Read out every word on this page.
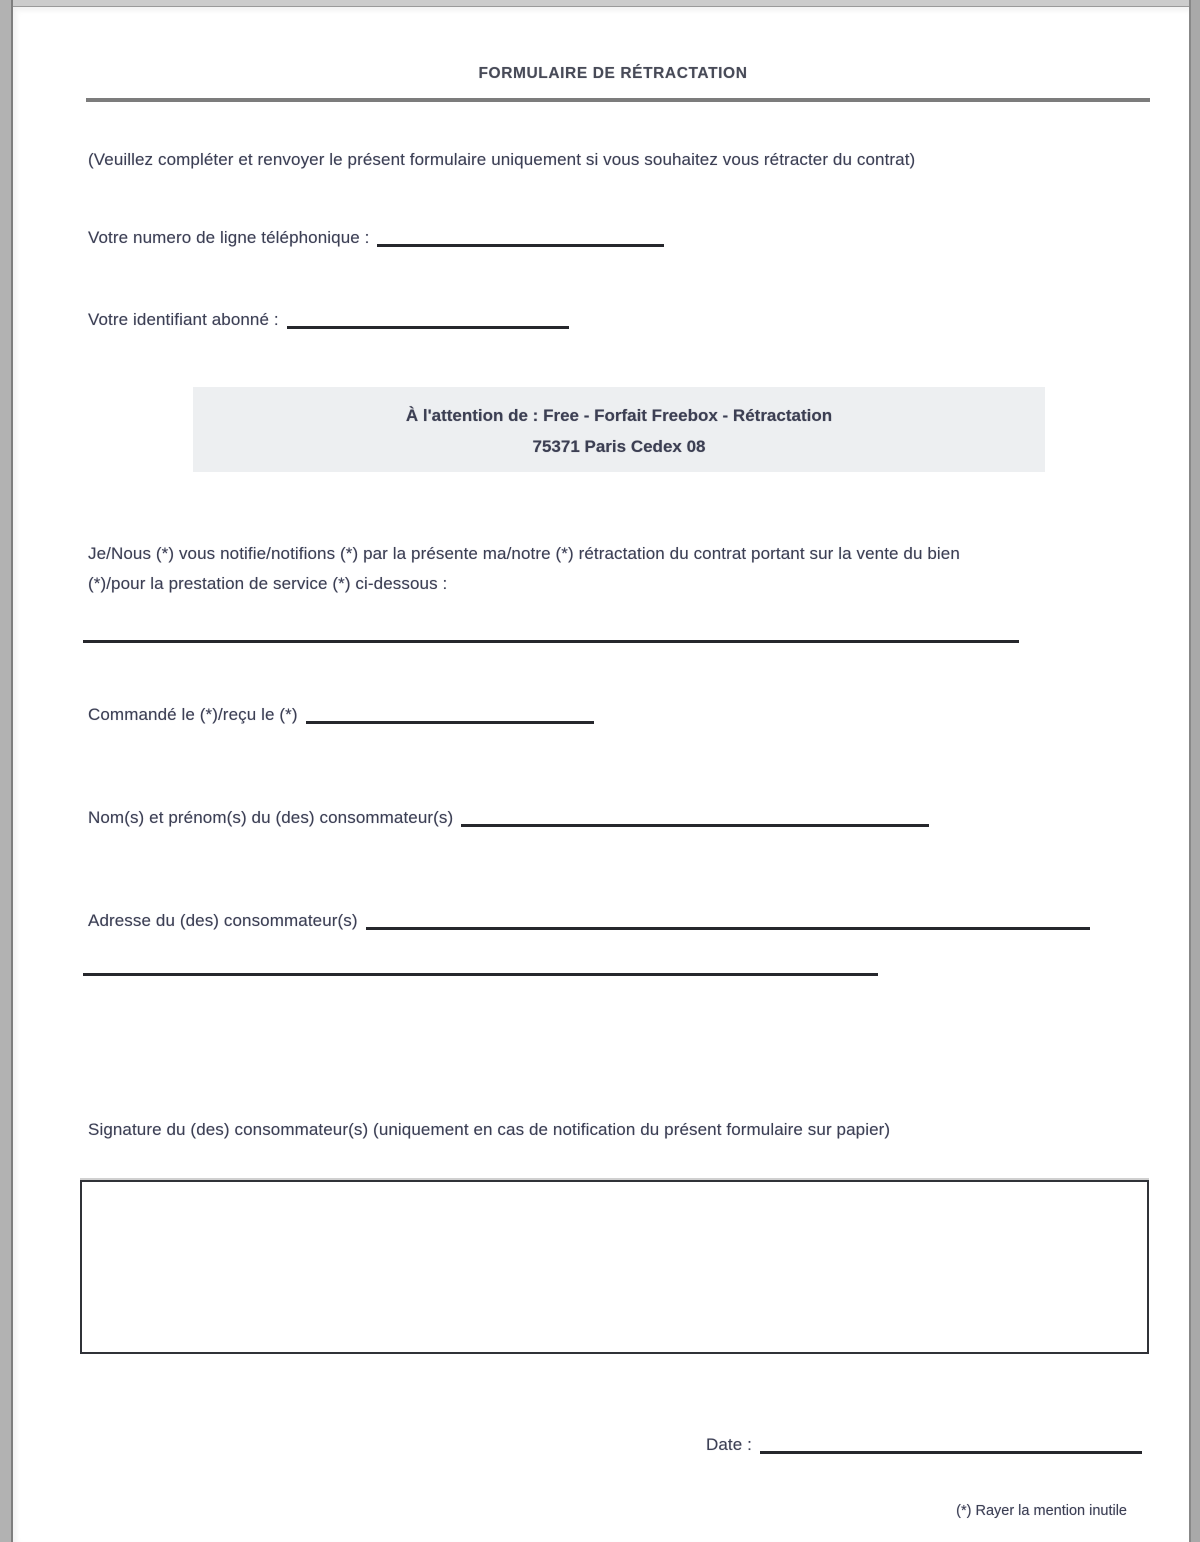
FORMULAIRE DE RÉTRACTATION
(Veuillez compléter et renvoyer le présent formulaire uniquement si vous souhaitez vous rétracter du contrat)
Votre numero de ligne téléphonique :
Votre identifiant abonné :
À l'attention de : Free - Forfait Freebox - Rétractation
75371 Paris Cedex 08
Je/Nous (*) vous notifie/notifions (*) par la présente ma/notre (*) rétractation du contrat portant sur la vente du bien
(*)/pour la prestation de service (*) ci-dessous :
Commandé le (*)/reçu le (*)
Nom(s) et prénom(s) du (des) consommateur(s)
Adresse du (des) consommateur(s)
Signature du (des) consommateur(s) (uniquement en cas de notification du présent formulaire sur papier)
Date :
(*) Rayer la mention inutile
